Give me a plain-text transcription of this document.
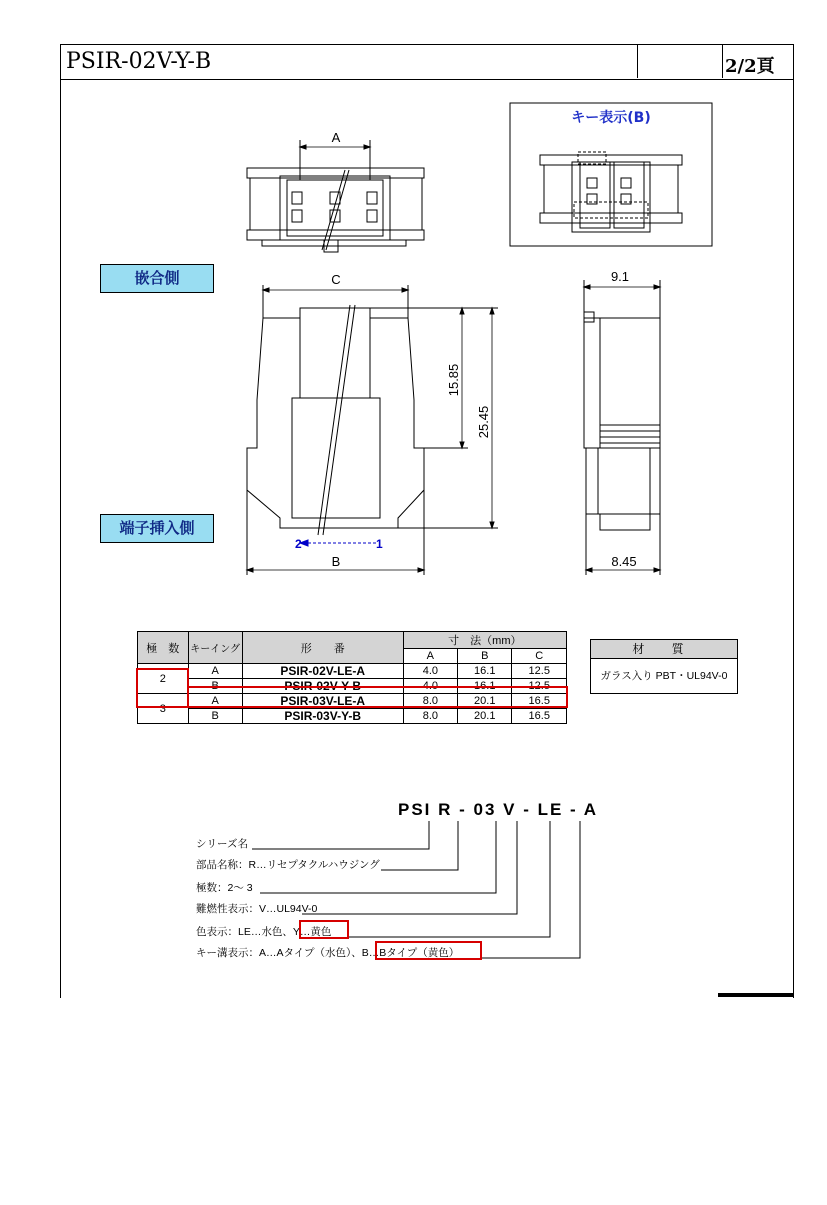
PSIR-02V-Y-B	2/2頁
A
C
B
9.1
8.45
15.85
25.45
2	1
キー表示(B)
嵌合側
端子挿入側
極　数	キーイング	形　　番	寸　法（mm）		
			A	B	C
2	A	PSIR-02V-LE-A	4.0	16.1	12.5
	B	PSIR-02V-Y-B	4.0	16.1	12.5
3	A	PSIR-03V-LE-A	8.0	20.1	16.5
	B	PSIR-03V-Y-B	8.0	20.1	16.5
材 質
ガラス入り PBT・UL94V-0
PSI R - 03 V - LE - A
シリーズ名
部品名称：R…リセプタクルハウジング
極数：2～ 3
難燃性表示：V…UL94V-0
色表示：LE…水色、Y…黄色
キー溝表示：A…Aタイプ（水色）、B…Bタイプ（黄色）
